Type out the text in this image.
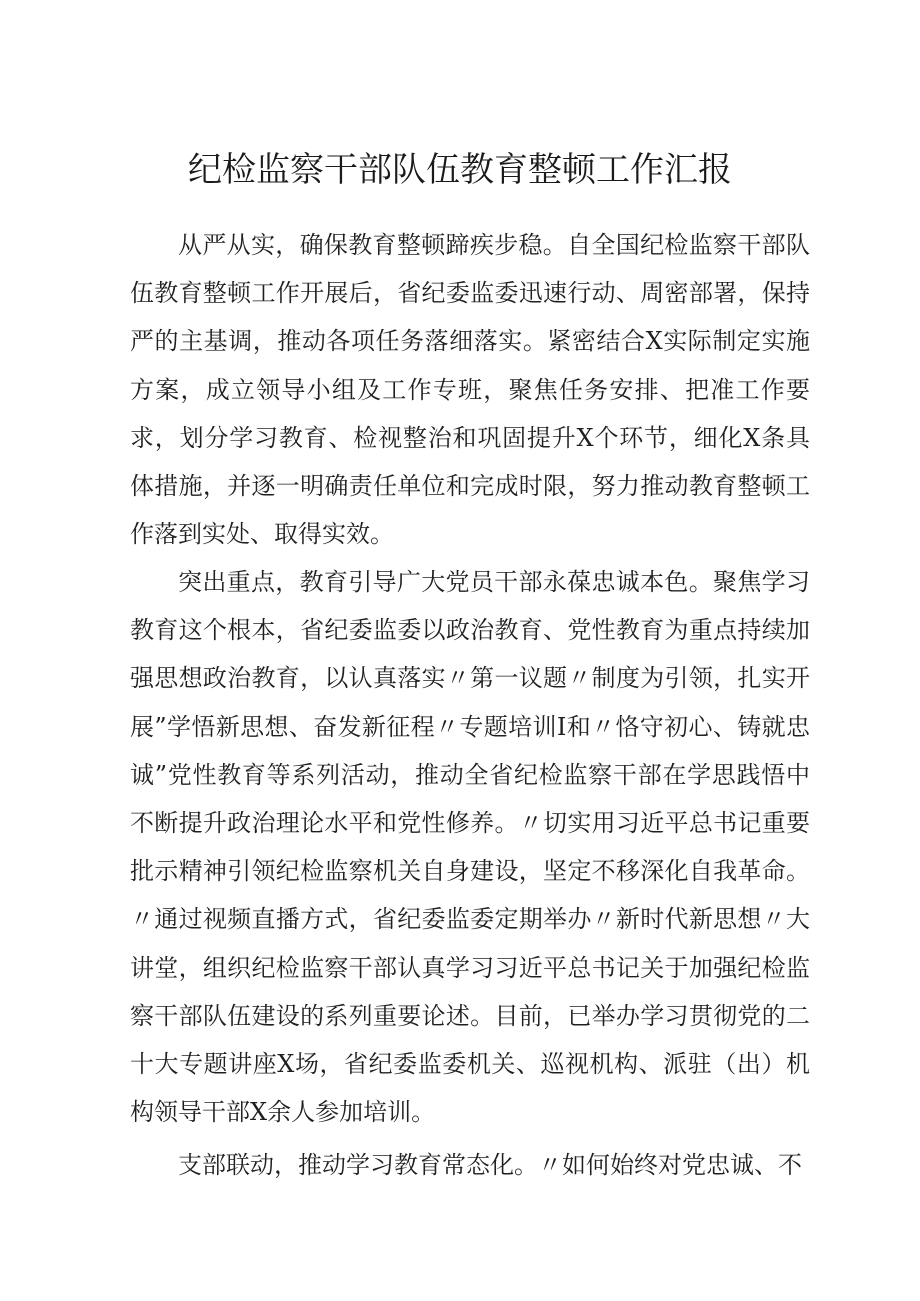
纪检监察干部队伍教育整顿工作汇报

从严从实，确保教育整顿蹄疾步稳。自全国纪检监察干部队伍教育整顿工作开展后，省纪委监委迅速行动、周密部署，保持严的主基调，推动各项任务落细落实。紧密结合X实际制定实施方案，成立领导小组及工作专班，聚焦任务安排、把准工作要求，划分学习教育、检视整治和巩固提升X个环节，细化X条具体措施，并逐一明确责任单位和完成时限，努力推动教育整顿工作落到实处、取得实效。

突出重点，教育引导广大党员干部永葆忠诚本色。聚焦学习教育这个根本，省纪委监委以政治教育、党性教育为重点持续加强思想政治教育，以认真落实〃第一议题〃制度为引领，扎实开展”学悟新思想、奋发新征程〃专题培训I和〃恪守初心、铸就忠诚”党性教育等系列活动，推动全省纪检监察干部在学思践悟中不断提升政治理论水平和党性修养。〃切实用习近平总书记重要批示精神引领纪检监察机关自身建设，坚定不移深化自我革命。〃通过视频直播方式，省纪委监委定期举办〃新时代新思想〃大讲堂，组织纪检监察干部认真学习习近平总书记关于加强纪检监察干部队伍建设的系列重要论述。目前，已举办学习贯彻党的二十大专题讲座X场，省纪委监委机关、巡视机构、派驻（出）机构领导干部X余人参加培训。

支部联动，推动学习教育常态化。〃如何始终对党忠诚、不
